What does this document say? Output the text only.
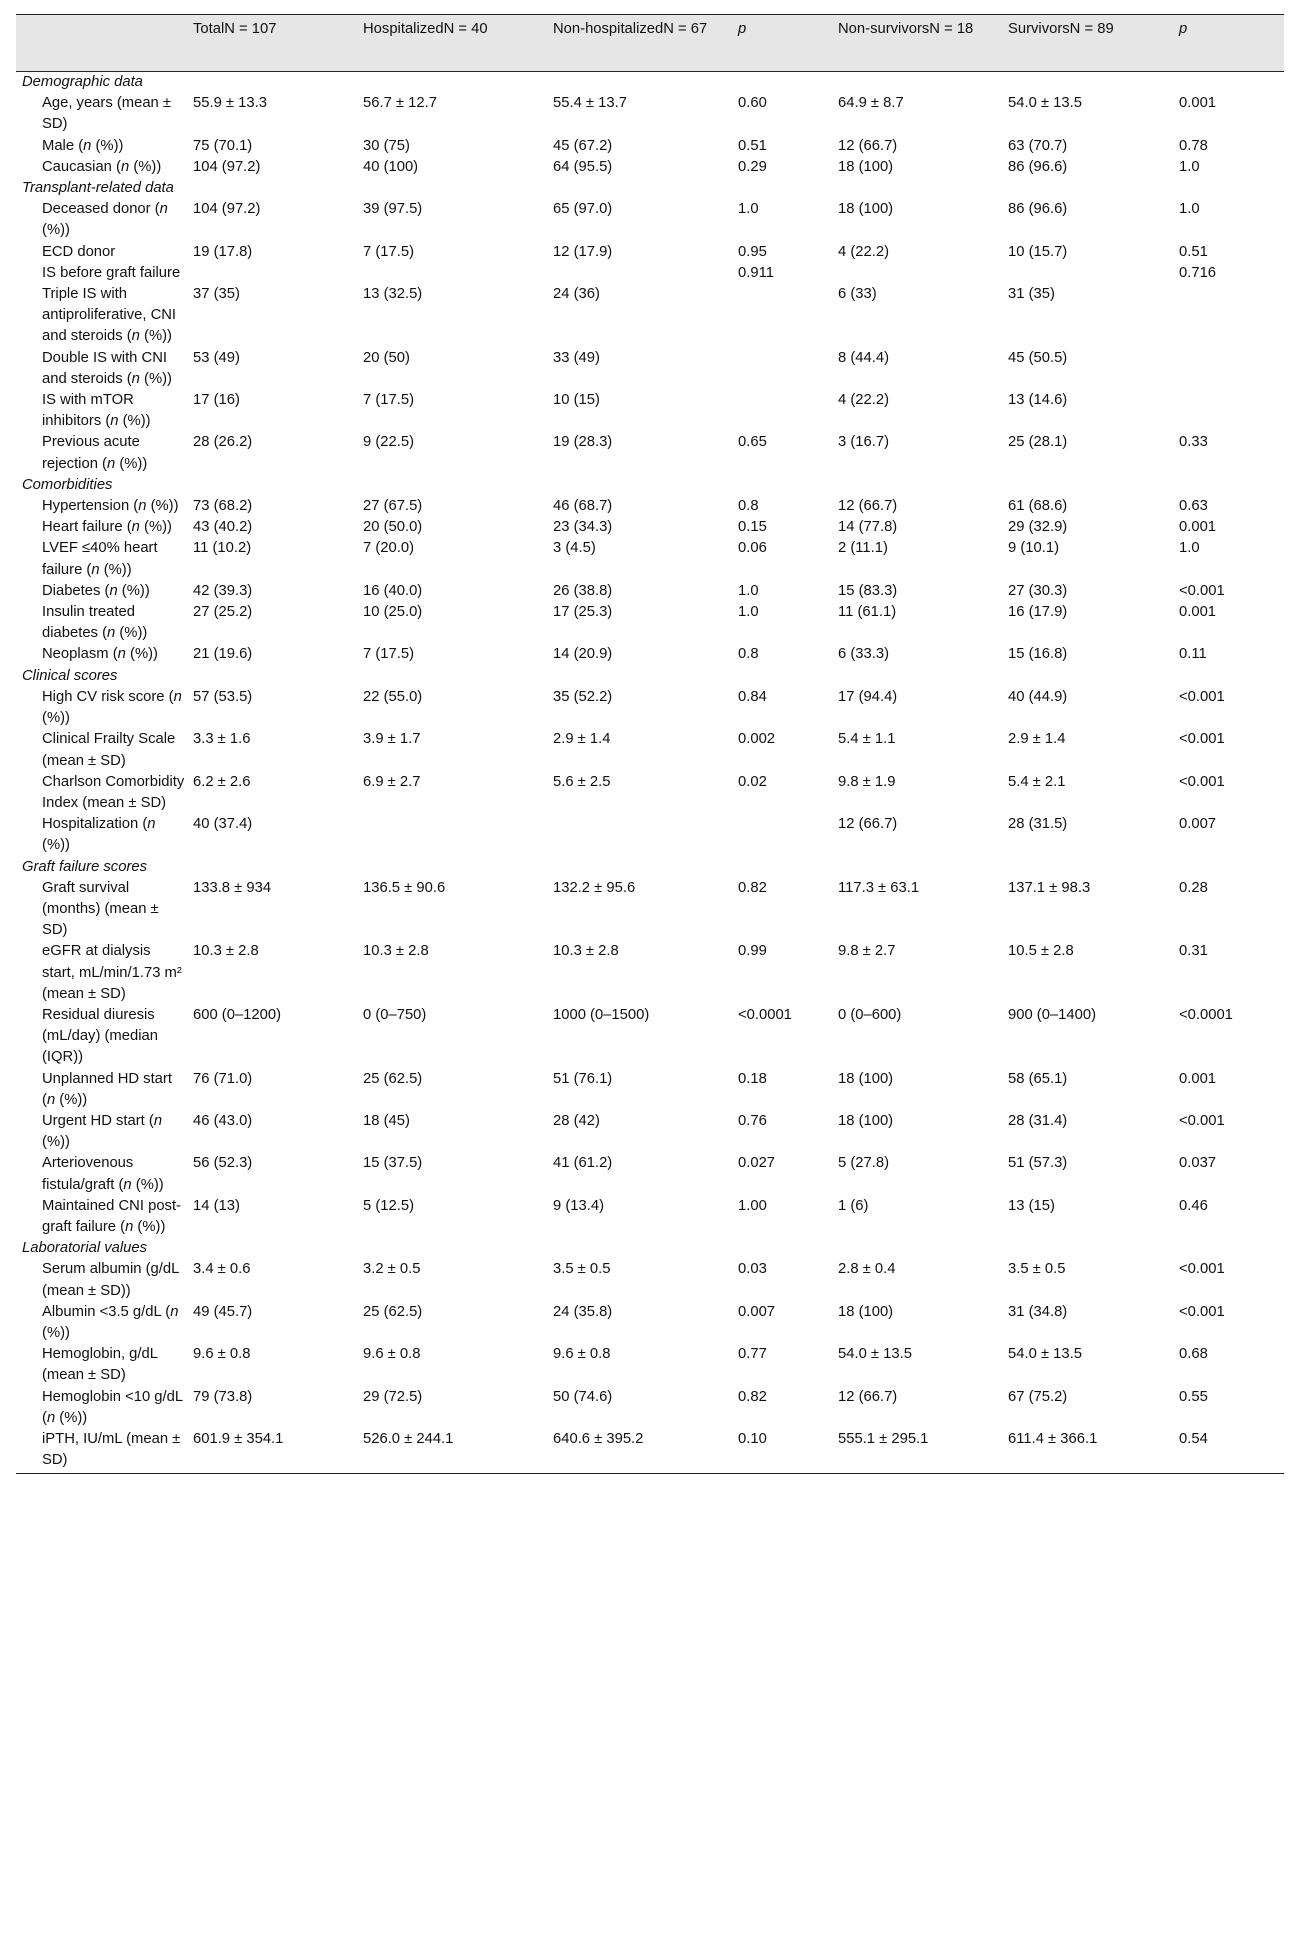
	TotalN = 107	HospitalizedN = 40	Non-hospitalizedN = 67	p	Non-survivorsN = 18	SurvivorsN = 89	p
Demographic data							
Age, years (mean ± SD)	55.9 ± 13.3	56.7 ± 12.7	55.4 ± 13.7	0.60	64.9 ± 8.7	54.0 ± 13.5	0.001
Male (n (%))	75 (70.1)	30 (75)	45 (67.2)	0.51	12 (66.7)	63 (70.7)	0.78
Caucasian (n (%))	104 (97.2)	40 (100)	64 (95.5)	0.29	18 (100)	86 (96.6)	1.0
Transplant-related data							
Deceased donor (n (%))	104 (97.2)	39 (97.5)	65 (97.0)	1.0	18 (100)	86 (96.6)	1.0
ECD donor	19 (17.8)	7 (17.5)	12 (17.9)	0.95	4 (22.2)	10 (15.7)	0.51
IS before graft failure				0.911			0.716
Triple IS with antiproliferative, CNI and steroids (n (%))	37 (35)	13 (32.5)	24 (36)		6 (33)	31 (35)	
Double IS with CNI and steroids (n (%))	53 (49)	20 (50)	33 (49)		8 (44.4)	45 (50.5)	
IS with mTOR inhibitors (n (%))	17 (16)	7 (17.5)	10 (15)		4 (22.2)	13 (14.6)	
Previous acute rejection (n (%))	28 (26.2)	9 (22.5)	19 (28.3)	0.65	3 (16.7)	25 (28.1)	0.33
Comorbidities							
Hypertension (n (%))	73 (68.2)	27 (67.5)	46 (68.7)	0.8	12 (66.7)	61 (68.6)	0.63
Heart failure (n (%))	43 (40.2)	20 (50.0)	23 (34.3)	0.15	14 (77.8)	29 (32.9)	0.001
LVEF ≤40% heart failure (n (%))	11 (10.2)	7 (20.0)	3 (4.5)	0.06	2 (11.1)	9 (10.1)	1.0
Diabetes (n (%))	42 (39.3)	16 (40.0)	26 (38.8)	1.0	15 (83.3)	27 (30.3)	<0.001
Insulin treated diabetes (n (%))	27 (25.2)	10 (25.0)	17 (25.3)	1.0	11 (61.1)	16 (17.9)	0.001
Neoplasm (n (%))	21 (19.6)	7 (17.5)	14 (20.9)	0.8	6 (33.3)	15 (16.8)	0.11
Clinical scores							
High CV risk score (n (%))	57 (53.5)	22 (55.0)	35 (52.2)	0.84	17 (94.4)	40 (44.9)	<0.001
Clinical Frailty Scale (mean ± SD)	3.3 ± 1.6	3.9 ± 1.7	2.9 ± 1.4	0.002	5.4 ± 1.1	2.9 ± 1.4	<0.001
Charlson Comorbidity Index (mean ± SD)	6.2 ± 2.6	6.9 ± 2.7	5.6 ± 2.5	0.02	9.8 ± 1.9	5.4 ± 2.1	<0.001
Hospitalization (n (%))	40 (37.4)				12 (66.7)	28 (31.5)	0.007
Graft failure scores							
Graft survival (months) (mean ± SD)	133.8 ± 934	136.5 ± 90.6	132.2 ± 95.6	0.82	117.3 ± 63.1	137.1 ± 98.3	0.28
eGFR at dialysis start, mL/min/1.73 m² (mean ± SD)	10.3 ± 2.8	10.3 ± 2.8	10.3 ± 2.8	0.99	9.8 ± 2.7	10.5 ± 2.8	0.31
Residual diuresis (mL/day) (median (IQR))	600 (0–1200)	0 (0–750)	1000 (0–1500)	<0.0001	0 (0–600)	900 (0–1400)	<0.0001
Unplanned HD start (n (%))	76 (71.0)	25 (62.5)	51 (76.1)	0.18	18 (100)	58 (65.1)	0.001
Urgent HD start (n (%))	46 (43.0)	18 (45)	28 (42)	0.76	18 (100)	28 (31.4)	<0.001
Arteriovenous fistula/graft (n (%))	56 (52.3)	15 (37.5)	41 (61.2)	0.027	5 (27.8)	51 (57.3)	0.037
Maintained CNI post-graft failure (n (%))	14 (13)	5 (12.5)	9 (13.4)	1.00	1 (6)	13 (15)	0.46
Laboratorial values							
Serum albumin (g/dL (mean ± SD))	3.4 ± 0.6	3.2 ± 0.5	3.5 ± 0.5	0.03	2.8 ± 0.4	3.5 ± 0.5	<0.001
Albumin <3.5 g/dL (n (%))	49 (45.7)	25 (62.5)	24 (35.8)	0.007	18 (100)	31 (34.8)	<0.001
Hemoglobin, g/dL (mean ± SD)	9.6 ± 0.8	9.6 ± 0.8	9.6 ± 0.8	0.77	54.0 ± 13.5	54.0 ± 13.5	0.68
Hemoglobin <10 g/dL (n (%))	79 (73.8)	29 (72.5)	50 (74.6)	0.82	12 (66.7)	67 (75.2)	0.55
iPTH, IU/mL (mean ± SD)	601.9 ± 354.1	526.0 ± 244.1	640.6 ± 395.2	0.10	555.1 ± 295.1	611.4 ± 366.1	0.54
